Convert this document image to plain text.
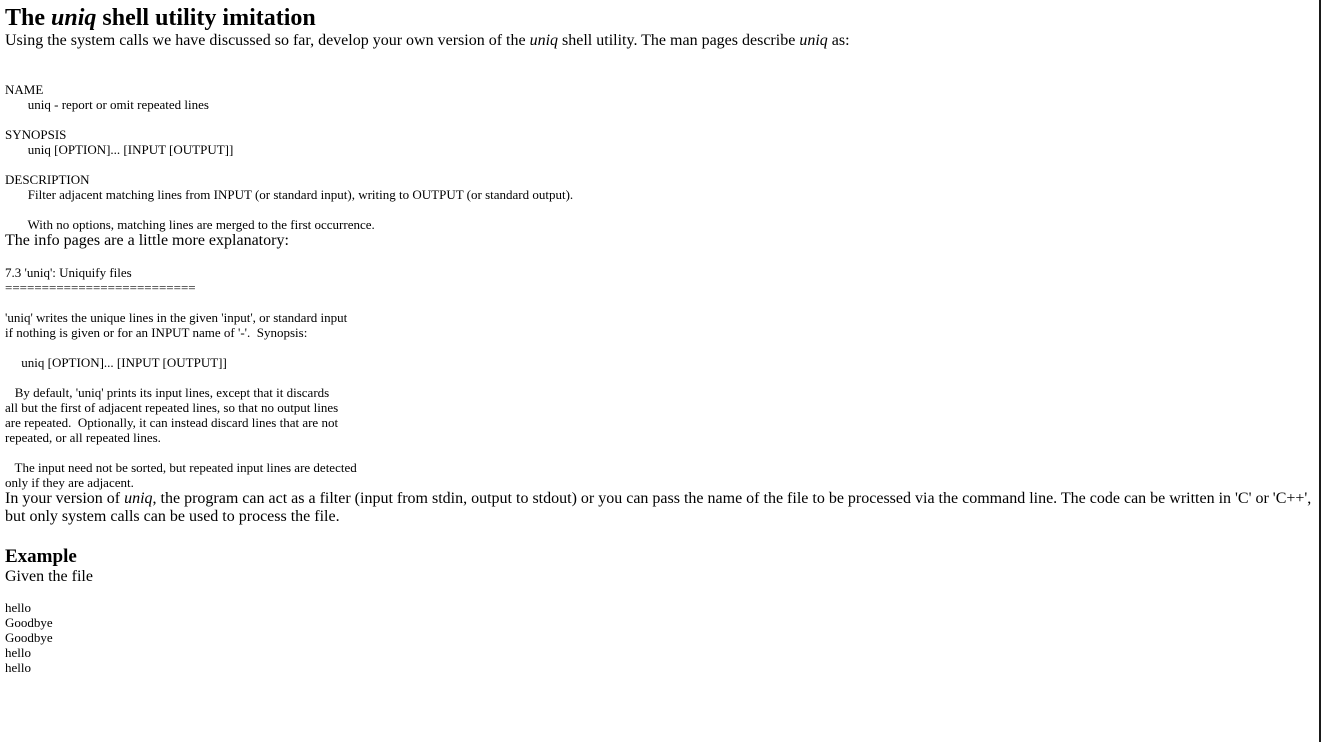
The uniq shell utility imitation

Using the system calls we have discussed so far, develop your own version of the uniq shell utility. The man pages describe uniq as:

NAME
uniq - report or omit repeated lines

SYNOPSIS
uniq [OPTION]... [INPUT [OUTPUT]]

DESCRIPTION
Filter adjacent matching lines from INPUT (or standard input), writing to OUTPUT (or standard output).

With no options, matching lines are merged to the first occurrence.

The info pages are a little more explanatory:

7.3 'uniq': Uniquify files
==========================

'uniq' writes the unique lines in the given 'input', or standard input
if nothing is given or for an INPUT name of '-'.  Synopsis:

uniq [OPTION]... [INPUT [OUTPUT]]

By default, 'uniq' prints its input lines, except that it discards
all but the first of adjacent repeated lines, so that no output lines
are repeated.  Optionally, it can instead discard lines that are not
repeated, or all repeated lines.

The input need not be sorted, but repeated input lines are detected
only if they are adjacent.

In your version of uniq, the program can act as a filter (input from stdin, output to stdout) or you can pass the name of the file to be processed via the command line. The code can be written in 'C' or 'C++', but only system calls can be used to process the file.

Example

Given the file

hello
Goodbye
Goodbye
hello
hello
